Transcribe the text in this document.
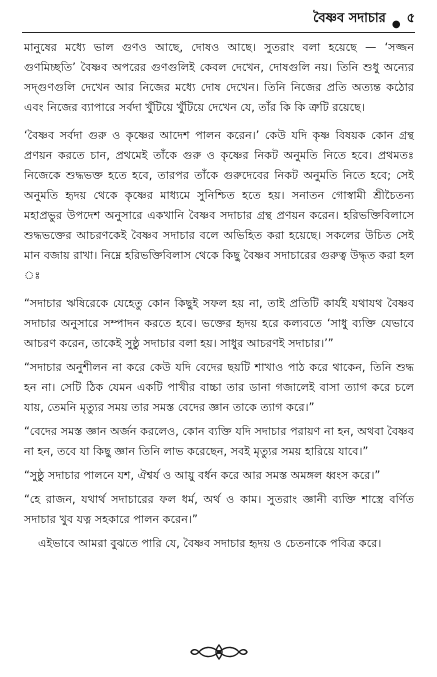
বৈষ্ণব সদাচার ● ৫

মানুষের মধ্যে ভাল গুণও আছে, দোষও আছে। সুতরাং বলা হয়েছে — ‘সজ্জন গুণমিচ্ছতি’ বৈষ্ণব অপরের গুণগুলিই কেবল দেখেন, দোষগুলি নয়। তিনি শুধু অন্যের সদ্‌গুণগুলি দেখেন আর নিজের মধ্যে দোষ দেখেন। তিনি নিজের প্রতি অত্যন্ত কঠোর এবং নিজের ব্যাপারে সর্বদা খুঁটিয়ে খুঁটিয়ে দেখেন যে, তাঁর কি কি ত্রুটি রয়েছে।

‘বৈষ্ণব সর্বদা গুরু ও কৃষ্ণের আদেশ পালন করেন।’ কেউ যদি কৃষ্ণ বিষয়ক কোন গ্রন্থ প্রণয়ন করতে চান, প্রথমেই তাঁকে গুরু ও কৃষ্ণের নিকট অনুমতি নিতে হবে। প্রথমতঃ নিজেকে শুদ্ধভক্ত হতে হবে, তারপর তাঁকে গুরুদেবের নিকট অনুমতি নিতে হবে; সেই অনুমতি হৃদয় থেকে কৃষ্ণের মাধ্যমে সুনিশ্চিত হতে হয়। সনাতন গোস্বামী শ্রীচৈতন্য মহাপ্রভুর উপদেশ অনুসারে একখানি বৈষ্ণব সদাচার গ্রন্থ প্রণয়ন করেন। হরিভক্তিবিলাসে শুদ্ধভক্তের আচরণকেই বৈষ্ণব সদাচার বলে অভিহিত করা হয়েছে। সকলের উচিত সেই মান বজায় রাখা। নিম্নে হরিভক্তিবিলাস থেকে কিছু বৈষ্ণব সদাচারের গুরুত্ব উদ্ধৃত করা হল ঃ

“সদাচার ঋষিরেকে যেহেতু কোন কিছুই সফল হয় না, তাই প্রতিটি কার্যই যথাযথ বৈষ্ণব সদাচার অনুসারে সম্পাদন করতে হবে। ভক্তের হৃদয় হরে কল্যবতে ‘সাধু ব্যক্তি যেভাবে আচরণ করেন, তাকেই সুষ্ঠু সদাচার বলা হয়। সাধুর আচরণই সদাচার।’”

“সদাচার অনুশীলন না করে কেউ যদি বেদের ছয়টি শাখাও পাঠ করে থাকেন, তিনি শুদ্ধ হন না। সেটি ঠিক যেমন একটি পাখীর বাচ্চা তার ডানা গজালেই বাসা ত্যাগ করে চলে যায়, তেমনি মৃত্যুর সময় তার সমস্ত বেদের জ্ঞান তাকে ত্যাগ করে।”

“বেদের সমস্ত জ্ঞান অর্জন করলেও, কোন ব্যক্তি যদি সদাচার পরায়ণ না হন, অথবা বৈষ্ণব না হন, তবে যা কিছু জ্ঞান তিনি লাভ করেছেন, সবই মৃত্যুর সময় হারিয়ে যাবে।”

“সুষ্ঠু সদাচার পালনে যশ, ঐশ্বর্য ও আয়ু বর্ধন করে আর সমস্ত অমঙ্গল ধ্বংস করে।”

“হে রাজন, যথার্থ সদাচারের ফল ধর্ম, অর্থ ও কাম। সুতরাং জ্ঞানী ব্যক্তি শাস্ত্রে বর্ণিত সদাচার খুব যত্ন সহকারে পালন করেন।”

এইভাবে আমরা বুঝতে পারি যে, বৈষ্ণব সদাচার হৃদয় ও চেতনাকে পবিত্র করে।
